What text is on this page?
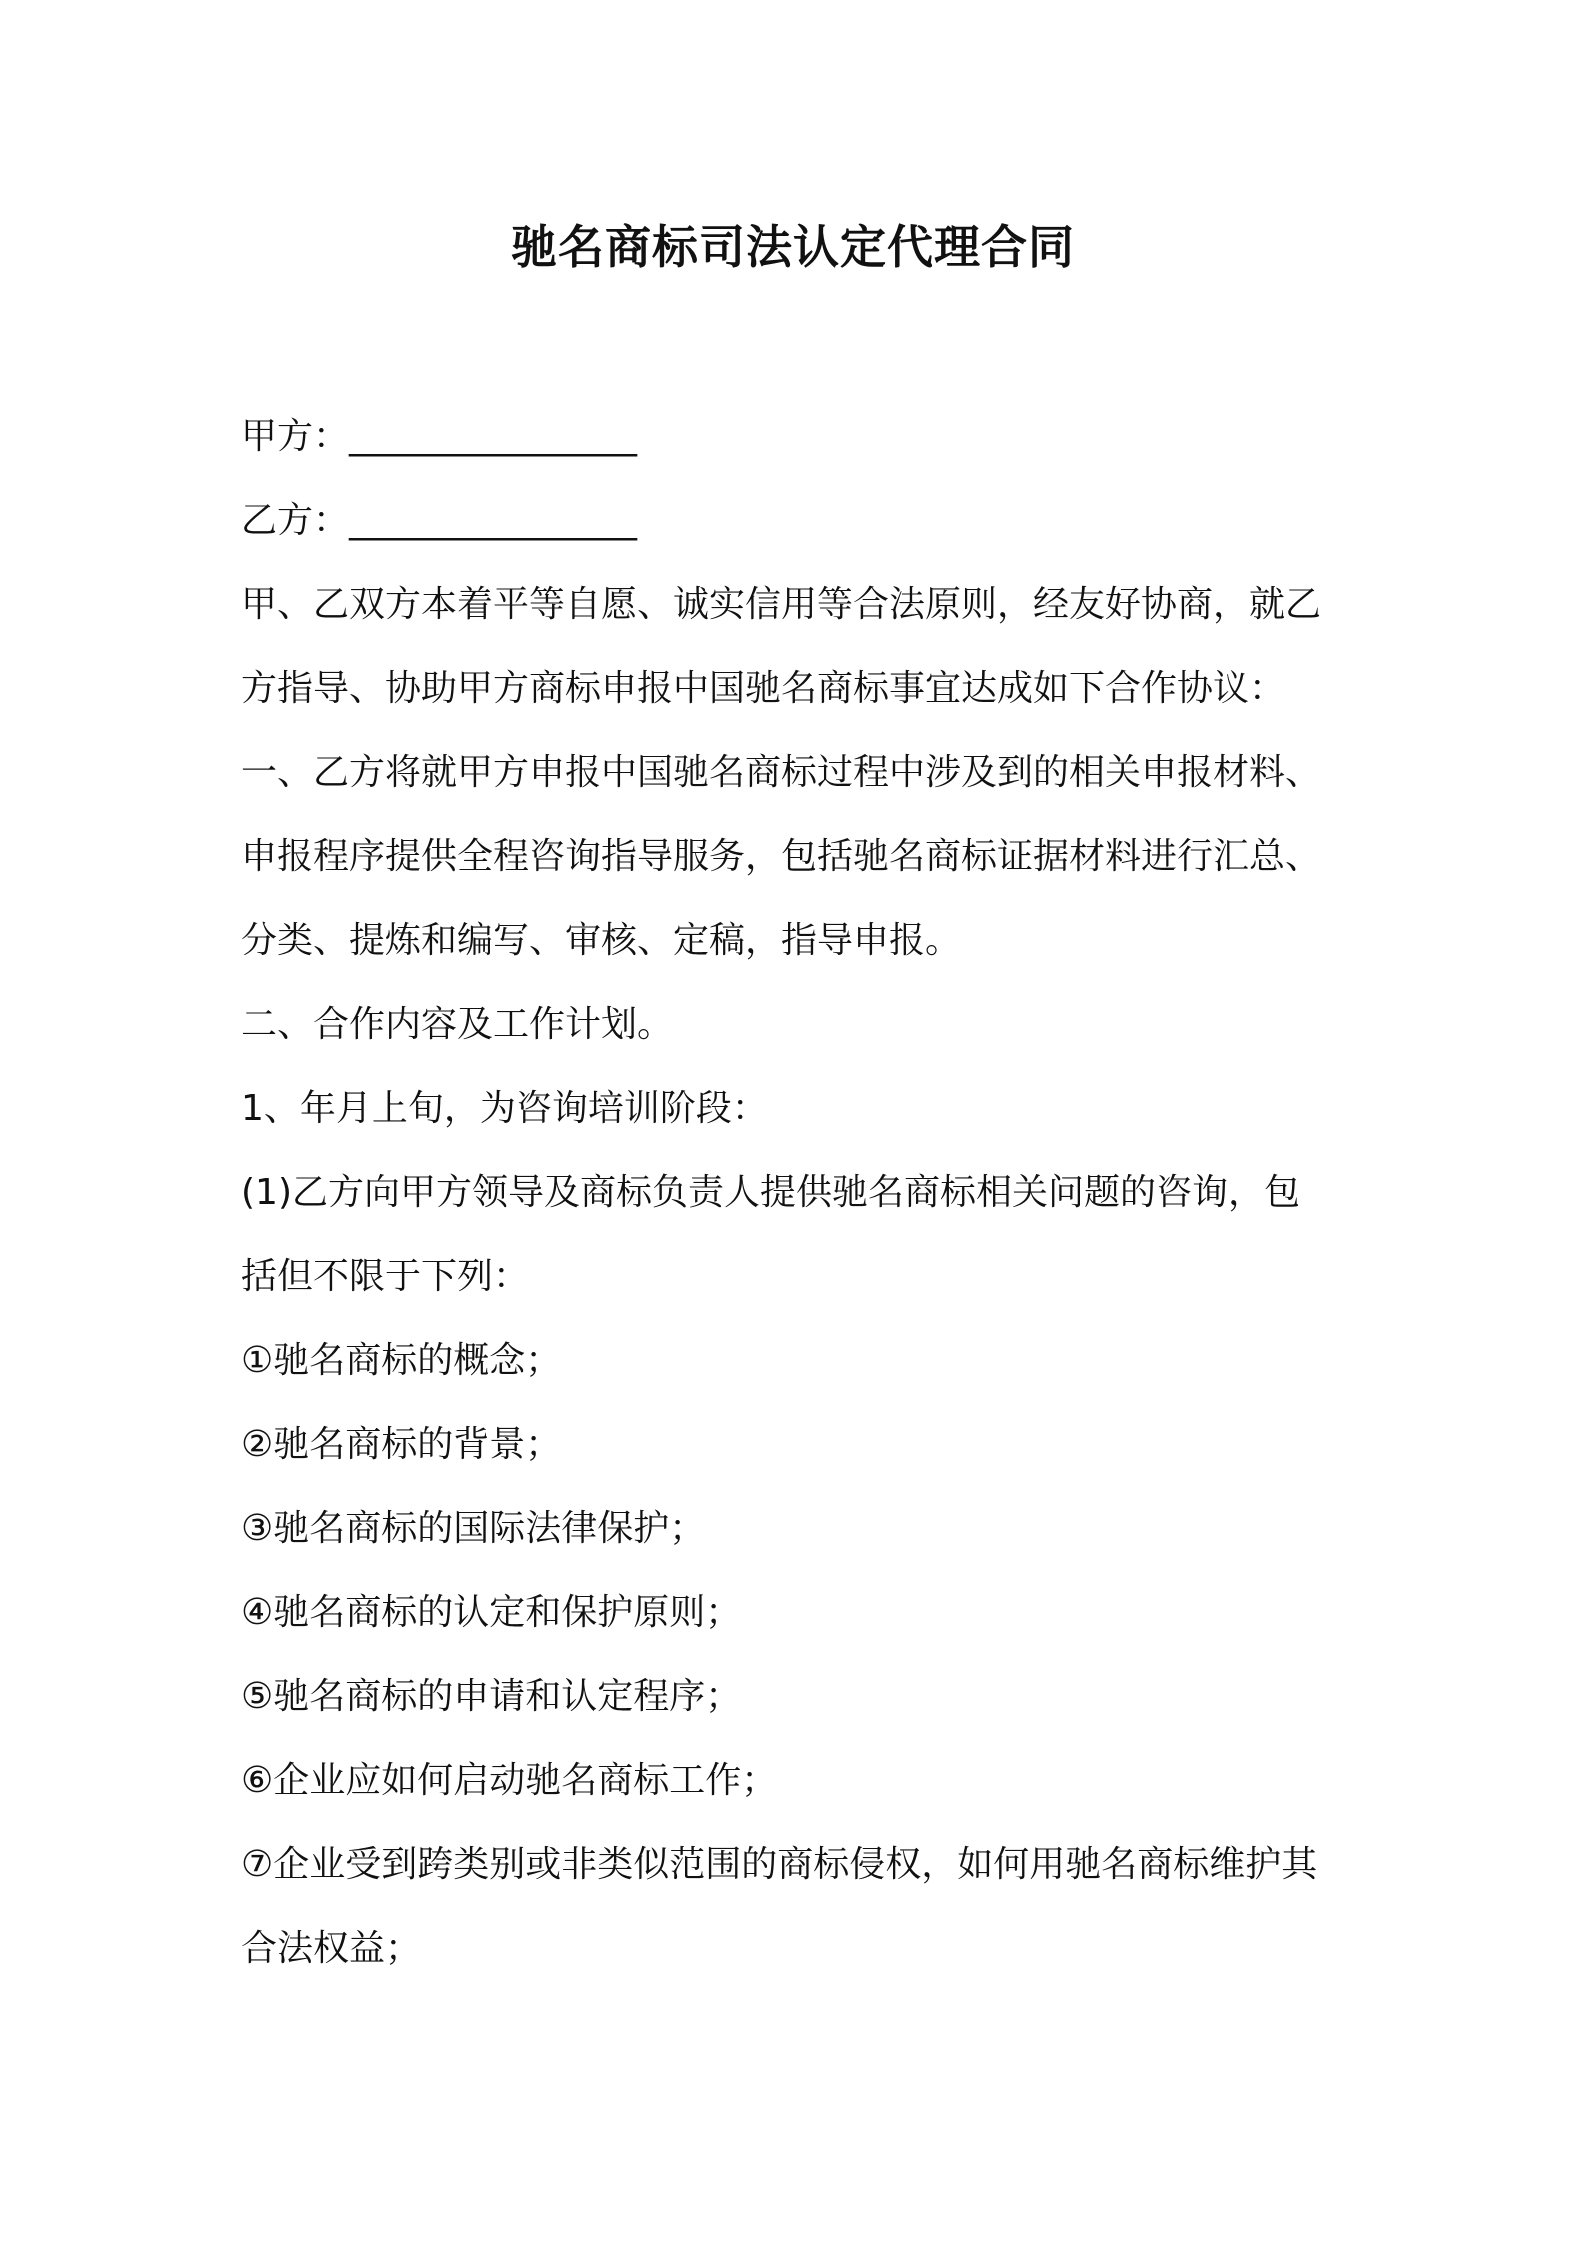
驰名商标司法认定代理合同
甲方：________________
乙方：________________
甲、乙双方本着平等自愿、诚实信用等合法原则，经友好协商，就乙
方指导、协助甲方商标申报中国驰名商标事宜达成如下合作协议：
一、乙方将就甲方申报中国驰名商标过程中涉及到的相关申报材料、
申报程序提供全程咨询指导服务，包括驰名商标证据材料进行汇总、
分类、提炼和编写、审核、定稿，指导申报。
二、合作内容及工作计划。
1、年月上旬，为咨询培训阶段：
(1)乙方向甲方领导及商标负责人提供驰名商标相关问题的咨询，包
括但不限于下列：
①驰名商标的概念；
②驰名商标的背景；
③驰名商标的国际法律保护；
④驰名商标的认定和保护原则；
⑤驰名商标的申请和认定程序；
⑥企业应如何启动驰名商标工作；
⑦企业受到跨类别或非类似范围的商标侵权，如何用驰名商标维护其
合法权益；
